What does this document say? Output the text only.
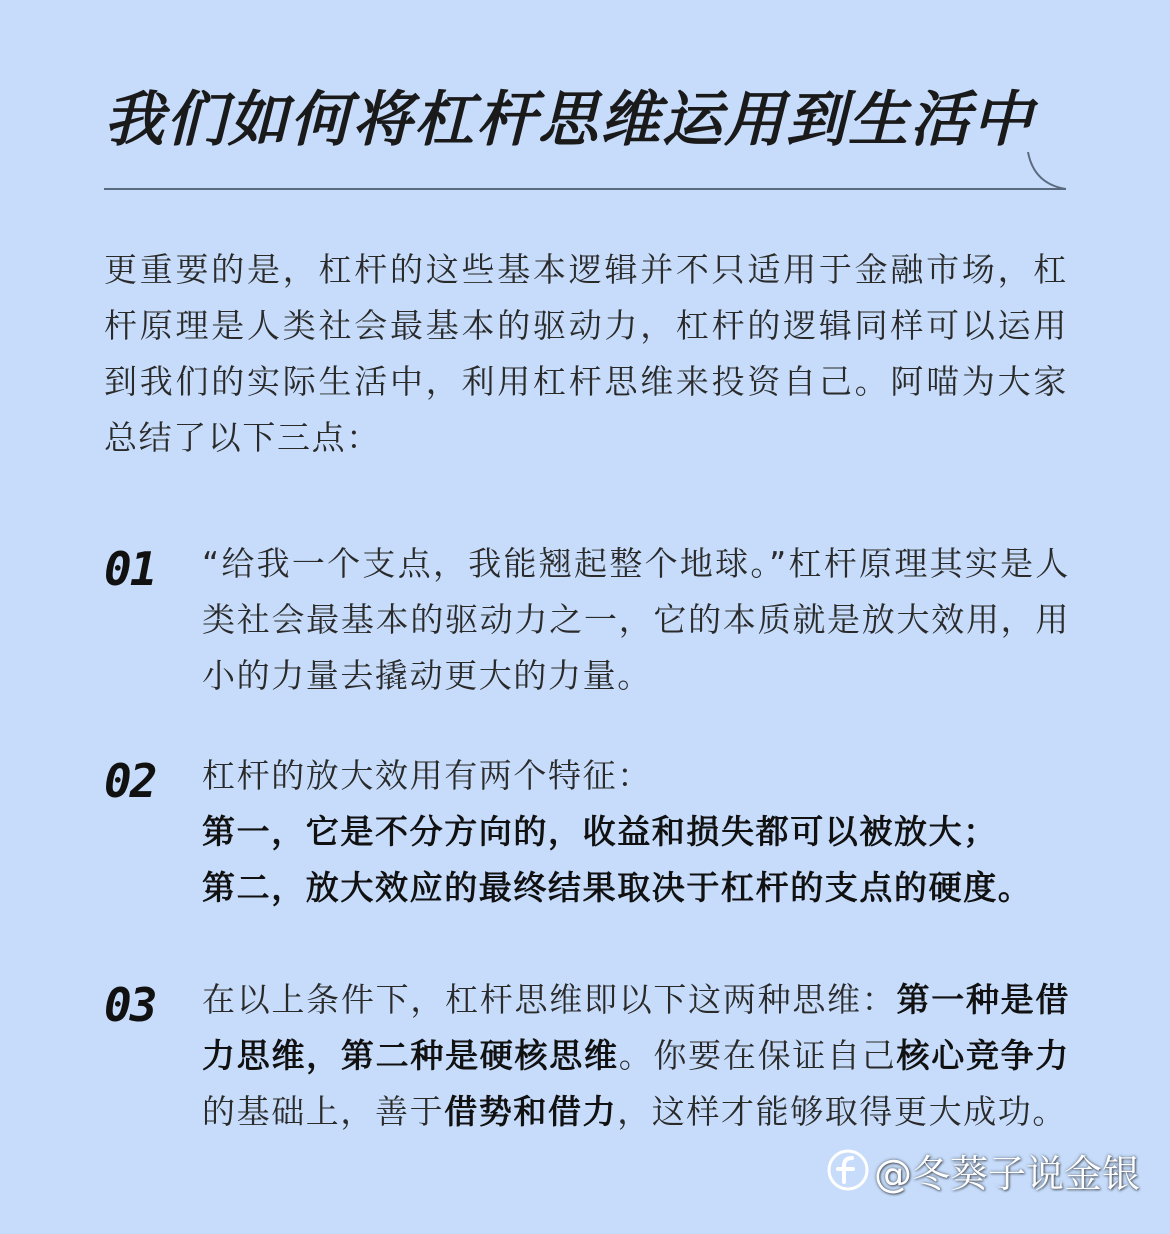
我们如何将杠杆思维运用到生活中
更重要的是，杠杆的这些基本逻辑并不只适用于金融市场，杠杆原理是人类社会最基本的驱动力，杠杆的逻辑同样可以运用到我们的实际生活中，利用杠杆思维来投资自己。阿喵为大家总结了以下三点：
01 “给我一个支点，我能翘起整个地球。”杠杆原理其实是人类社会最基本的驱动力之一，它的本质就是放大效用，用小的力量去撬动更大的力量。
02 杠杆的放大效用有两个特征：
第一，它是不分方向的，收益和损失都可以被放大；
第二，放大效应的最终结果取决于杠杆的支点的硬度。
03 在以上条件下，杠杆思维即以下这两种思维：第一种是借力思维，第二种是硬核思维。你要在保证自己核心竞争力的基础上，善于借势和借力，这样才能够取得更大成功。
@冬葵子说金银
